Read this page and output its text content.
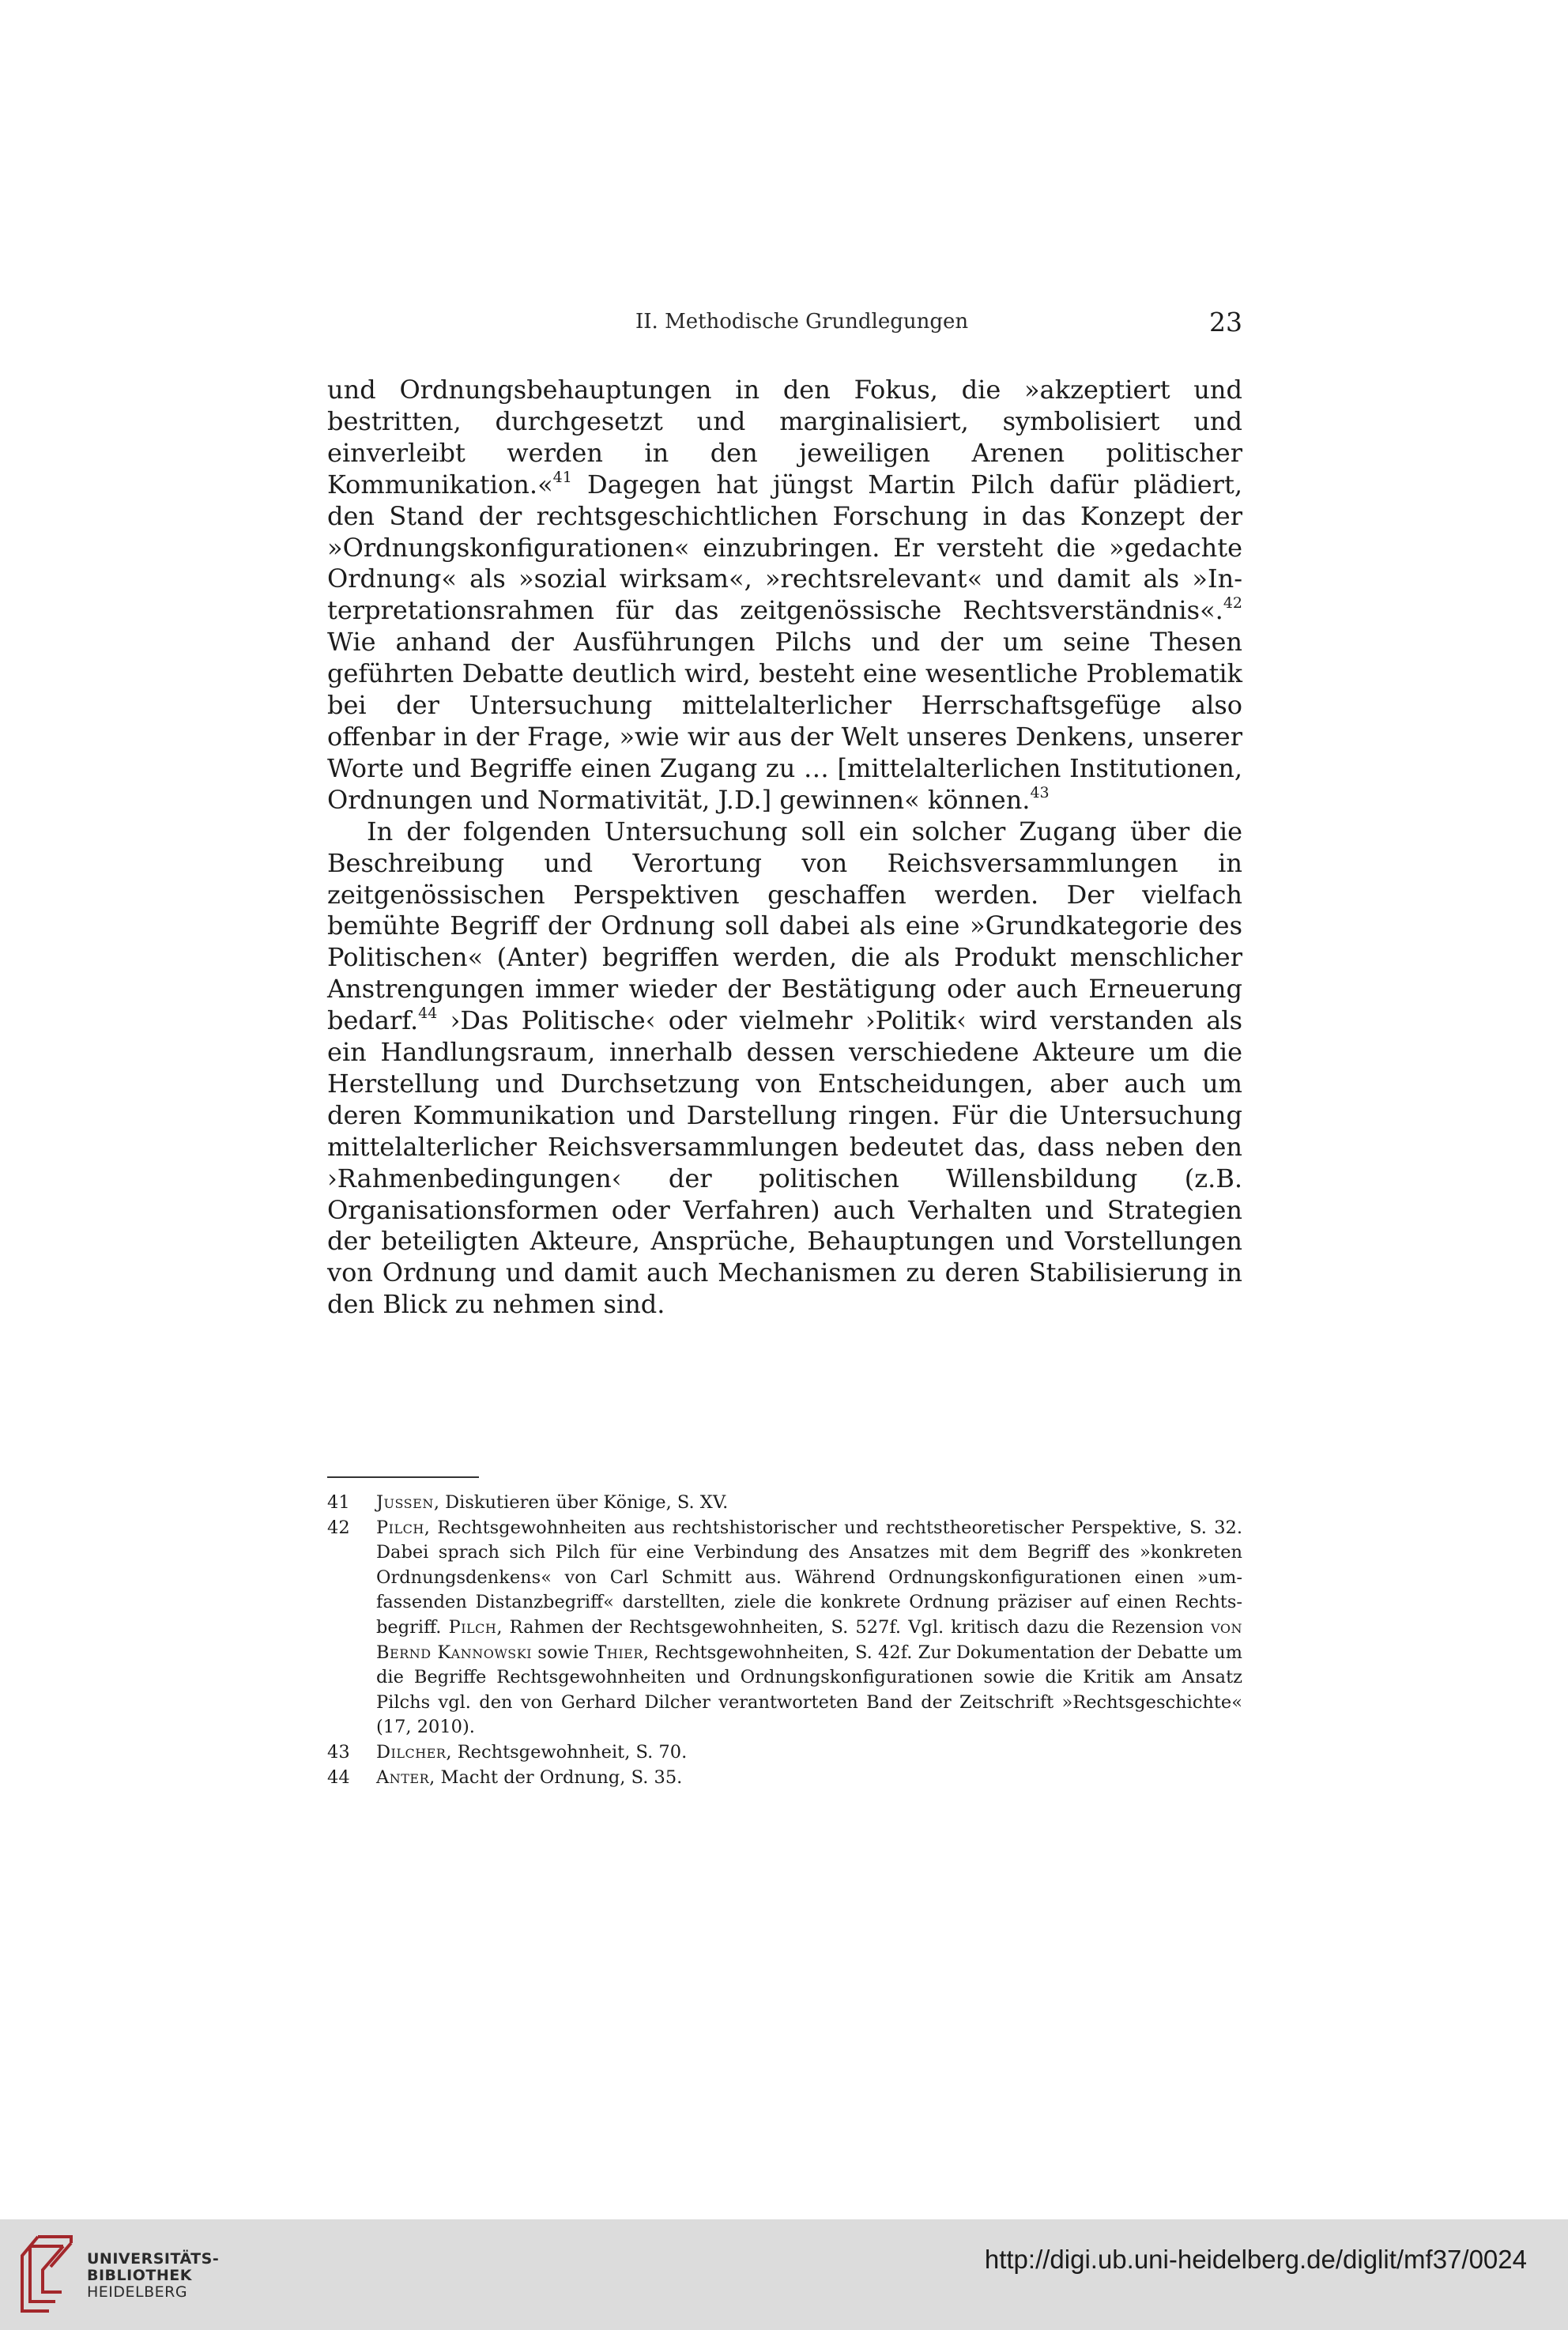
II. Methodische Grundlegungen	23

und Ordnungsbehauptungen in den Fokus, die »akzeptiert und bestritten, durchgesetzt und marginalisiert, symbolisiert und einverleibt werden in den jeweiligen Arenen politischer Kommunikation.«$^{41}$ Dagegen hat jüngst Martin Pilch dafür plädiert, den Stand der rechtsgeschichtlichen Forschung in das Konzept der »Ordnungskonfigurationen« einzubringen. Er versteht die »gedachte Ordnung« als »sozial wirksam«, »rechtsrelevant« und damit als »Interpretationsrahmen für das zeitgenössische Rechtsverständnis«.$^{42}$ Wie anhand der Ausführungen Pilchs und der um seine Thesen geführten Debatte deutlich wird, besteht eine wesentliche Problematik bei der Untersuchung mittelalterlicher Herrschaftsgefüge also offenbar in der Frage, »wie wir aus der Welt unseres Denkens, unserer Worte und Begriffe einen Zugang zu … [mittelalterlichen Institutionen, Ordnungen und Normativität, J.D.] gewinnen« können.$^{43}$

In der folgenden Untersuchung soll ein solcher Zugang über die Beschreibung und Verortung von Reichsversammlungen in zeitgenössischen Perspektiven geschaffen werden. Der vielfach bemühte Begriff der Ordnung soll dabei als eine »Grundkategorie des Politischen« (Anter) begriffen werden, die als Produkt menschlicher Anstrengungen immer wieder der Bestätigung oder auch Erneuerung bedarf.$^{44}$ ›Das Politische‹ oder vielmehr ›Politik‹ wird verstanden als ein Handlungsraum, innerhalb dessen verschiedene Akteure um die Herstellung und Durchsetzung von Entscheidungen, aber auch um deren Kommunikation und Darstellung ringen. Für die Untersuchung mittelalterlicher Reichsversammlungen bedeutet das, dass neben den ›Rahmenbedingungen‹ der politischen Willensbildung (z.B. Organisationsformen oder Verfahren) auch Verhalten und Strategien der beteiligten Akteure, Ansprüche, Behauptungen und Vorstellungen von Ordnung und damit auch Mechanismen zu deren Stabilisierung in den Blick zu nehmen sind.

41	Jussen, Diskutieren über Könige, S. XV.
42	Pilch, Rechtsgewohnheiten aus rechtshistorischer und rechtstheoretischer Perspektive, S. 32. Dabei sprach sich Pilch für eine Verbindung des Ansatzes mit dem Begriff des »konkreten Ordnungsdenkens« von Carl Schmitt aus. Während Ordnungskonfigurationen einen »umfassenden Distanzbegriff« darstellten, ziele die konkrete Ordnung präziser auf einen Rechtsbegriff. Pilch, Rahmen der Rechtsgewohnheiten, S. 527f. Vgl. kritisch dazu die Rezension von Bernd Kannowski sowie Thier, Rechtsgewohnheiten, S. 42f. Zur Dokumentation der Debatte um die Begriffe Rechtsgewohnheiten und Ordnungskonfigurationen sowie die Kritik am Ansatz Pilchs vgl. den von Gerhard Dilcher verantworteten Band der Zeitschrift »Rechtsgeschichte« (17, 2010).
43	Dilcher, Rechtsgewohnheit, S. 70.
44	Anter, Macht der Ordnung, S. 35.
UNIVERSITÄTS-
BIBLIOTHEK
HEIDELBERG
http://digi.ub.uni-heidelberg.de/diglit/mf37/0024
